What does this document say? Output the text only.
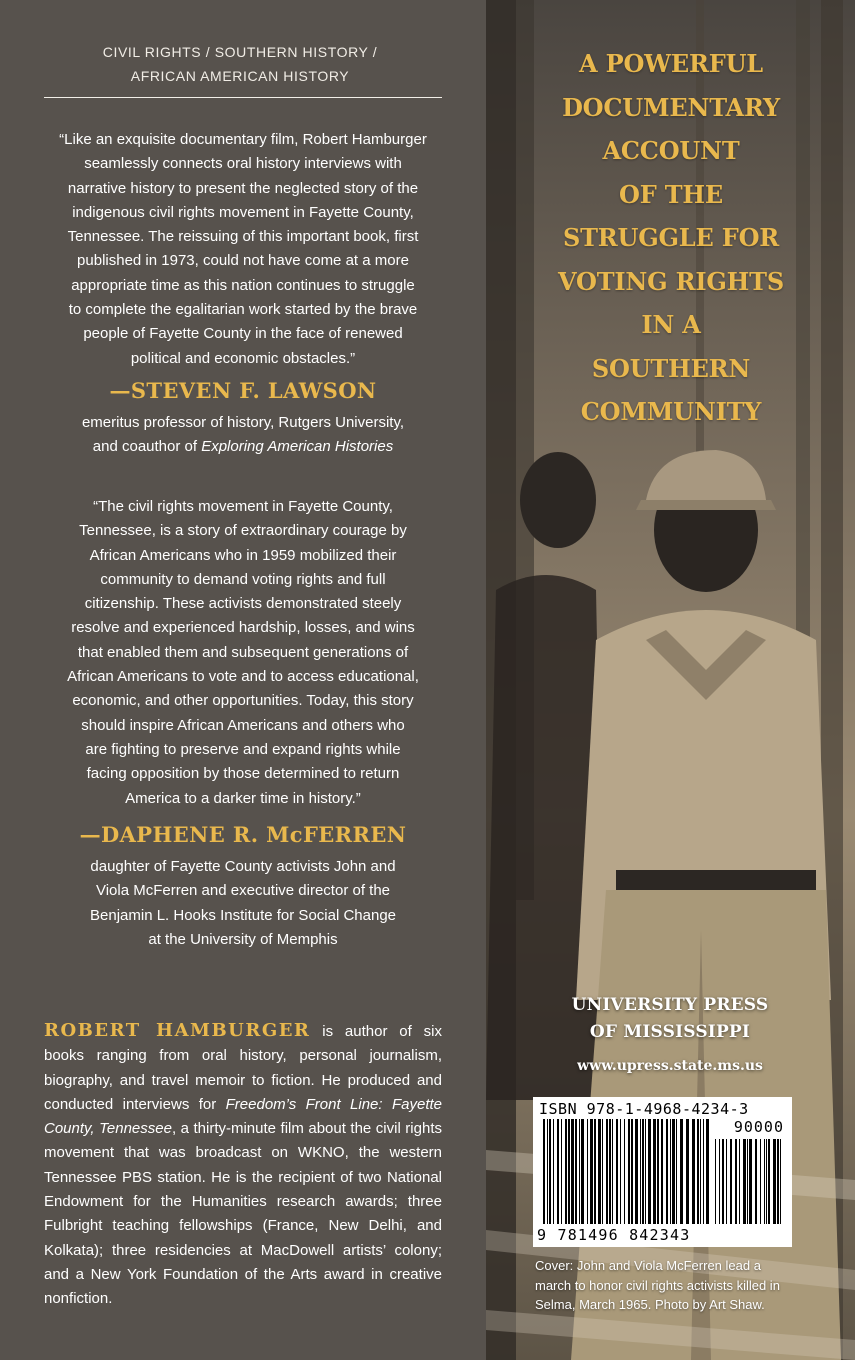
CIVIL RIGHTS / SOUTHERN HISTORY /
AFRICAN AMERICAN HISTORY

“Like an exquisite documentary film, Robert Hamburger

seamlessly connects oral history interviews with

narrative history to present the neglected story of the

indigenous civil rights movement in Fayette County,

Tennessee. The reissuing of this important book, first

published in 1973, could not have come at a more

appropriate time as this nation continues to struggle

to complete the egalitarian work started by the brave

people of Fayette County in the face of renewed

political and economic obstacles.”

—STEVEN F. LAWSON
emeritus professor of history, Rutgers University,
and coauthor of Exploring American Histories

“The civil rights movement in Fayette County,

Tennessee, is a story of extraordinary courage by

African Americans who in 1959 mobilized their

community to demand voting rights and full

citizenship. These activists demonstrated steely

resolve and experienced hardship, losses, and wins

that enabled them and subsequent generations of

African Americans to vote and to access educational,

economic, and other opportunities. Today, this story

should inspire African Americans and others who

are fighting to preserve and expand rights while

facing opposition by those determined to return

America to a darker time in history.”

—DAPHENE R. McFERREN
daughter of Fayette County activists John and
Viola McFerren and executive director of the
Benjamin L. Hooks Institute for Social Change
at the University of Memphis
ROBERT HAMBURGER is author of six books ranging from oral history, personal journalism, biography, and travel memoir to fiction. He produced and conducted interviews for Freedom’s Front Line: Fayette County, Tennessee, a thirty-minute film about the civil rights movement that was broadcast on WKNO, the western Tennessee PBS station. He is the recipient of two National Endowment for the Humanities research awards; three Fulbright teaching fellowships (France, New Delhi, and Kolkata); three residencies at MacDowell artists’ colony; and a New York Foundation of the Arts award in creative nonfiction.
A POWERFUL
DOCUMENTARY
ACCOUNT
OF THE
STRUGGLE FOR
VOTING RIGHTS
IN A
SOUTHERN
COMMUNITY
UNIVERSITY PRESS
OF MISSISSIPPI
www.upress.state.ms.us
ISBN 978-1-4968-4234-3
90000
9 781496 842343
Cover: John and Viola McFerren lead a march to honor civil rights activists killed in Selma, March 1965. Photo by Art Shaw.
